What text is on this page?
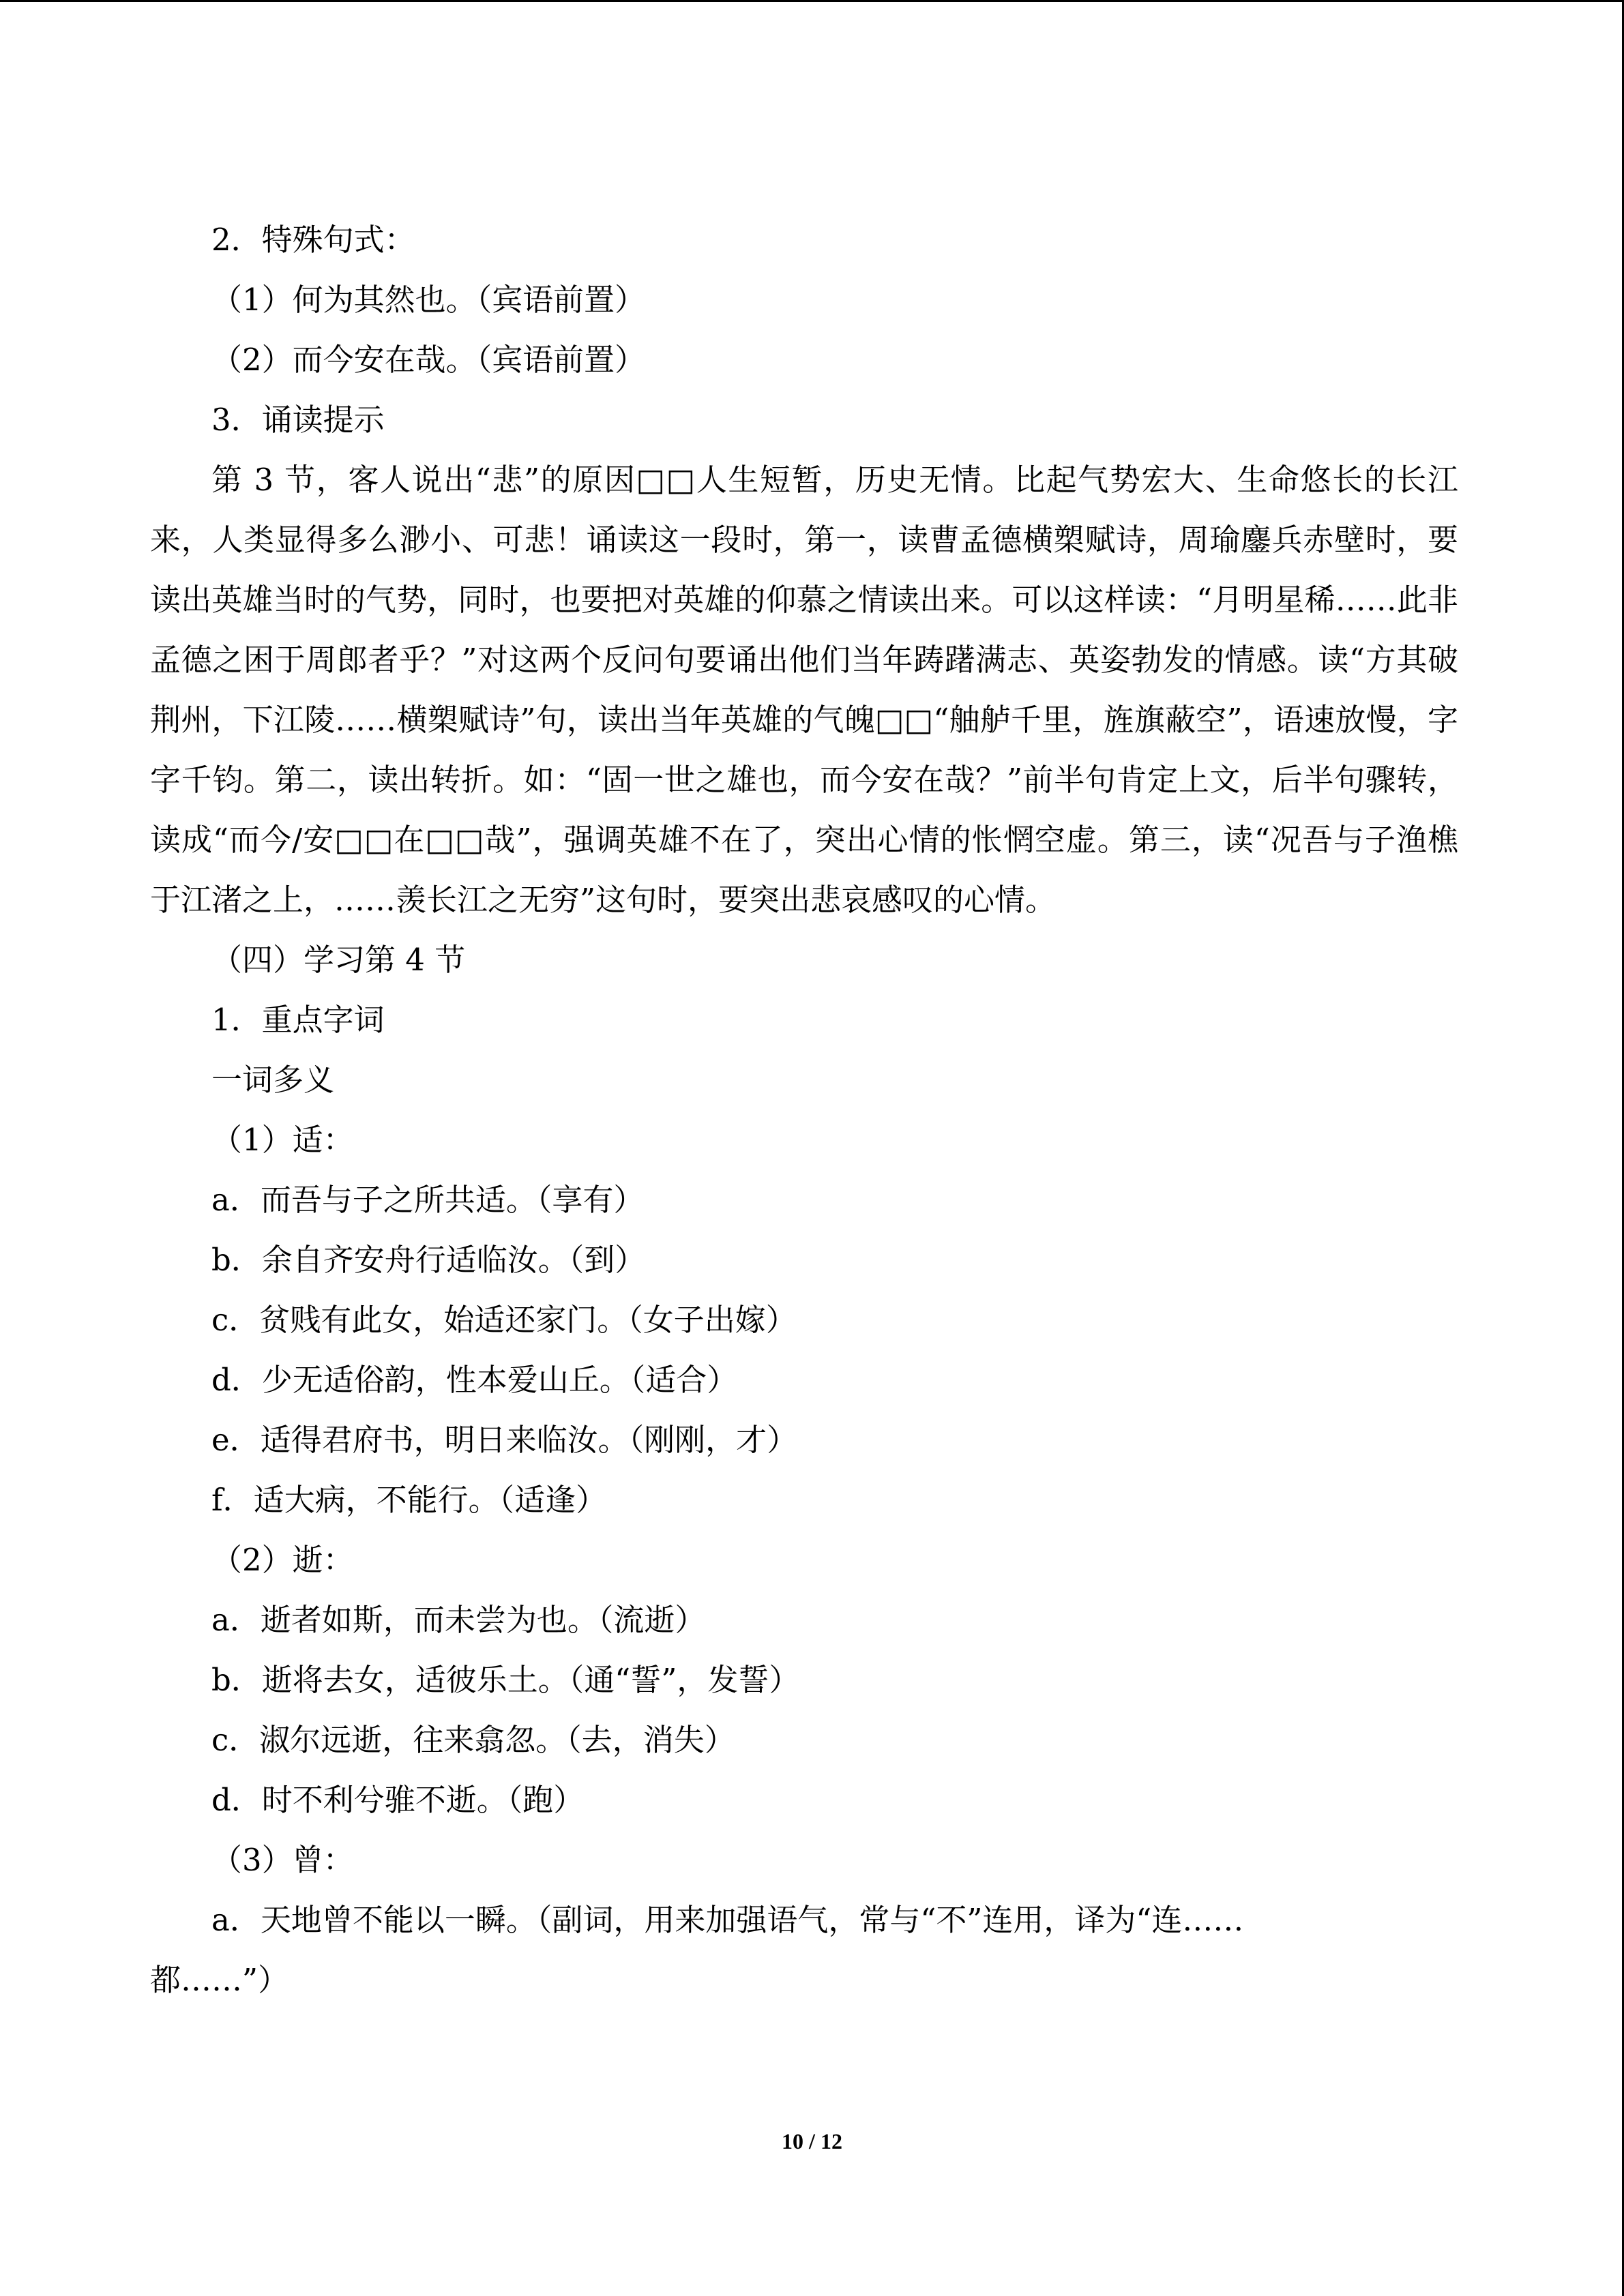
2．特殊句式：
（1）何为其然也。（宾语前置）
（2）而今安在哉。（宾语前置）
3．诵读提示

第 3 节，客人说出“悲”的原因□□人生短暂，历史无情。比起气势宏大、生命悠长的长江来，人类显得多么渺小、可悲！诵读这一段时，第一，读曹孟德横槊赋诗，周瑜鏖兵赤壁时，要读出英雄当时的气势，同时，也要把对英雄的仰慕之情读出来。可以这样读：“月明星稀……此非孟德之困于周郎者乎？”对这两个反问句要诵出他们当年踌躇满志、英姿勃发的情感。读“方其破荆州，下江陵……横槊赋诗”句，读出当年英雄的气魄□□“舳舻千里，旌旗蔽空”，语速放慢，字字千钧。第二，读出转折。如：“固一世之雄也，而今安在哉？”前半句肯定上文，后半句骤转，读成“而今/安□□在□□哉”，强调英雄不在了，突出心情的怅惘空虚。第三，读“况吾与子渔樵于江渚之上，……羡长江之无穷”这句时，要突出悲哀感叹的心情。

（四）学习第 4 节
1．重点字词
一词多义
（1）适：
a．而吾与子之所共适。（享有）
b．余自齐安舟行适临汝。（到）
c．贫贱有此女，始适还家门。（女子出嫁）
d．少无适俗韵，性本爱山丘。（适合）
e．适得君府书，明日来临汝。（刚刚，才）
f．适大病，不能行。（适逢）
（2）逝：
a．逝者如斯，而未尝为也。（流逝）
b．逝将去女，适彼乐土。（通“誓”，发誓）
c．淑尔远逝，往来翕忽。（去，消失）
d．时不利兮骓不逝。（跑）
（3）曾：
a．天地曾不能以一瞬。（副词，用来加强语气，常与“不”连用，译为“连……
都……”）
10 / 12
